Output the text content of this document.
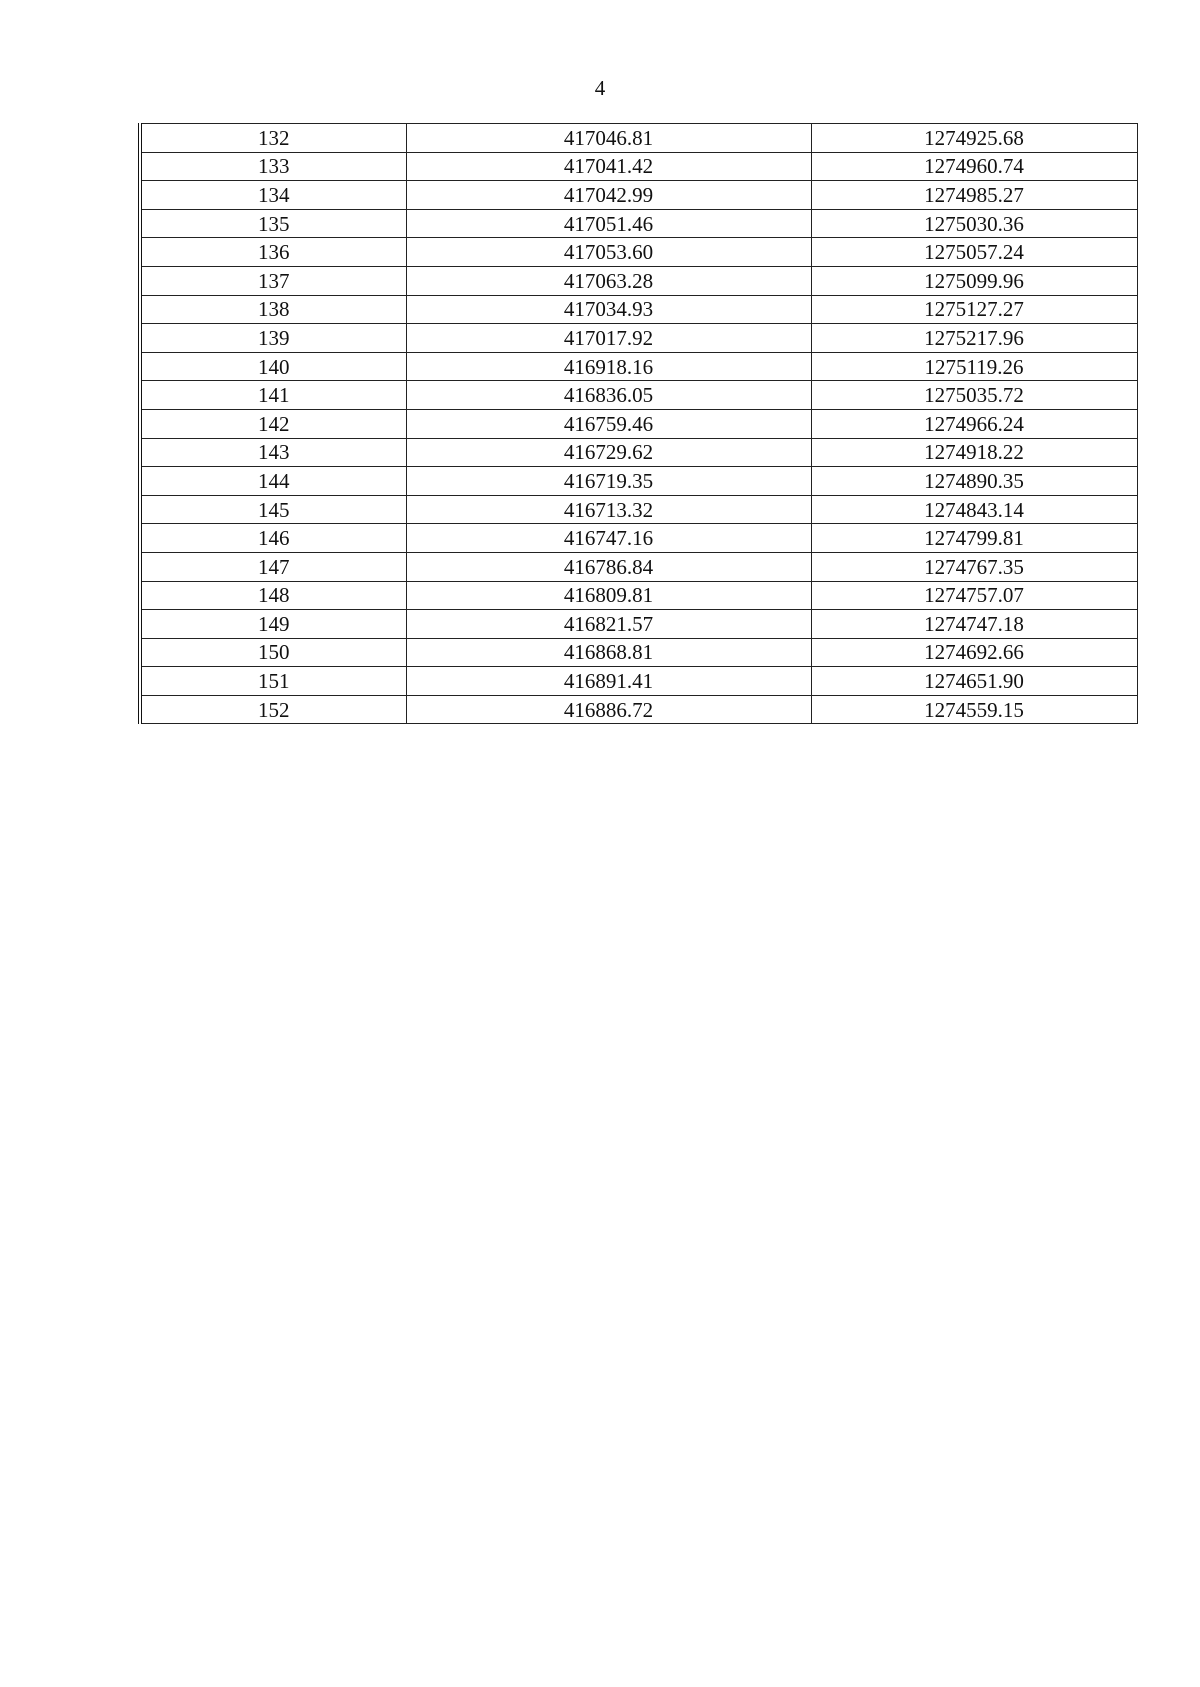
4
132	417046.81	1274925.68
133	417041.42	1274960.74
134	417042.99	1274985.27
135	417051.46	1275030.36
136	417053.60	1275057.24
137	417063.28	1275099.96
138	417034.93	1275127.27
139	417017.92	1275217.96
140	416918.16	1275119.26
141	416836.05	1275035.72
142	416759.46	1274966.24
143	416729.62	1274918.22
144	416719.35	1274890.35
145	416713.32	1274843.14
146	416747.16	1274799.81
147	416786.84	1274767.35
148	416809.81	1274757.07
149	416821.57	1274747.18
150	416868.81	1274692.66
151	416891.41	1274651.90
152	416886.72	1274559.15
